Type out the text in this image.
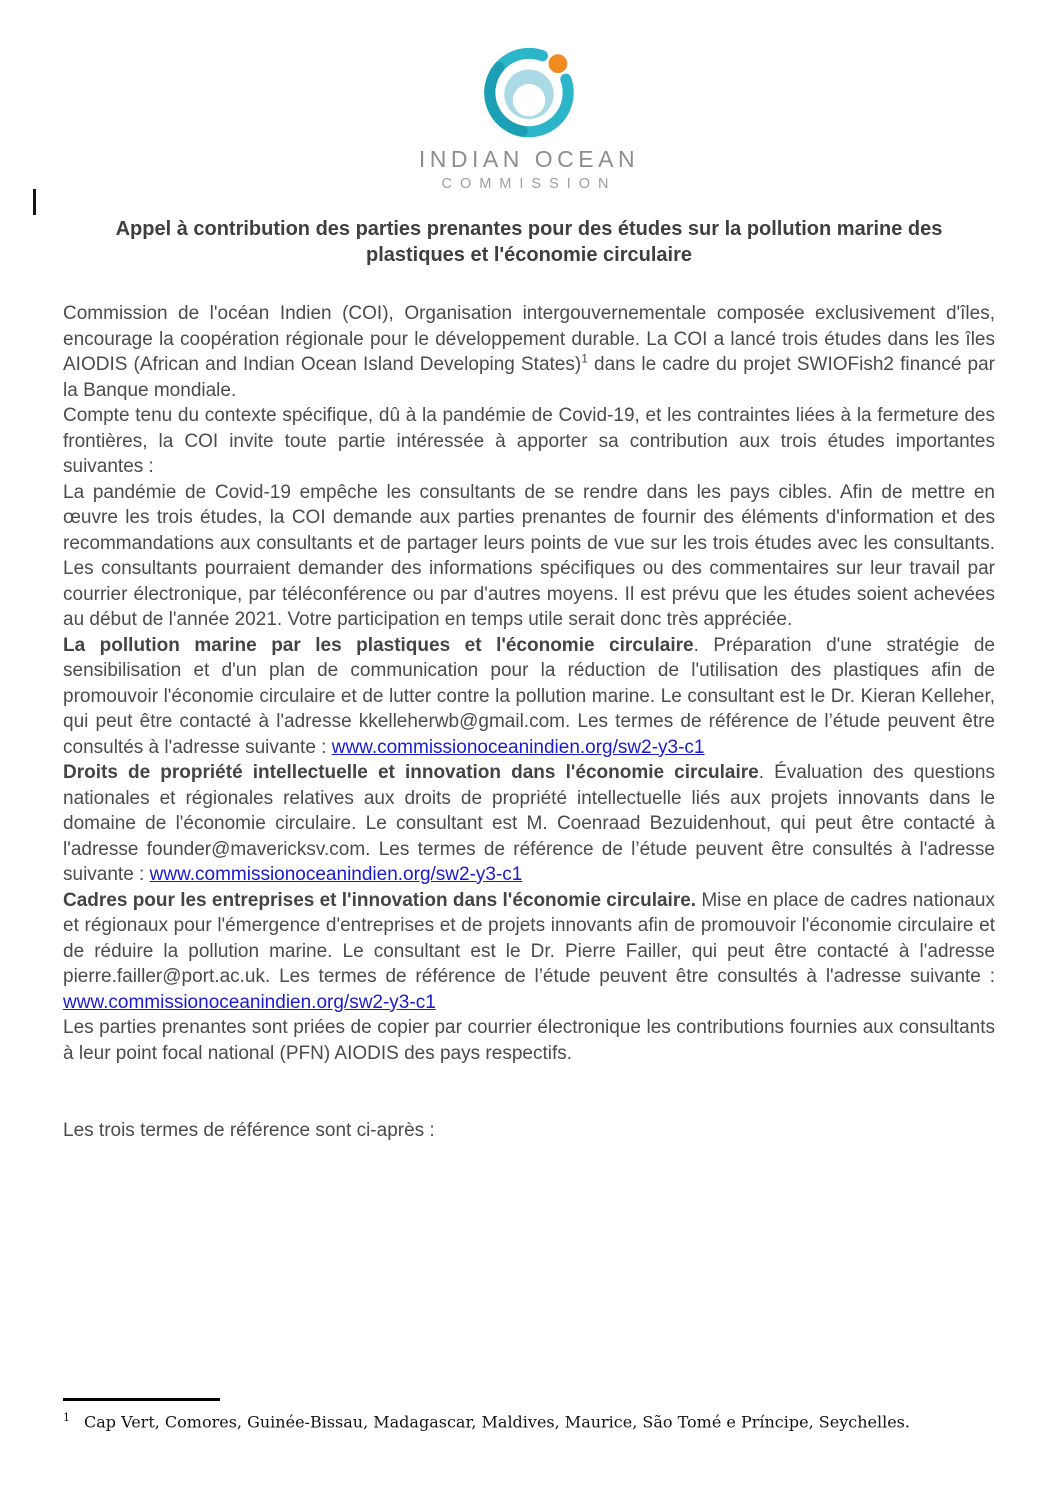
INDIAN OCEAN
COMMISSION
Appel à contribution des parties prenantes pour des études sur la pollution marine des plastiques et l'économie circulaire

Commission de l'océan Indien (COI), Organisation intergouvernementale composée exclusivement d'îles, encourage la coopération régionale pour le développement durable. La COI a lancé trois études dans les îles AIODIS (African and Indian Ocean Island Developing States)$^1$ dans le cadre du projet SWIOFish2 financé par la Banque mondiale.

Compte tenu du contexte spécifique, dû à la pandémie de Covid-19, et les contraintes liées à la fermeture des frontières, la COI invite toute partie intéressée à apporter sa contribution aux trois études importantes suivantes :

La pandémie de Covid-19 empêche les consultants de se rendre dans les pays cibles. Afin de mettre en œuvre les trois études, la COI demande aux parties prenantes de fournir des éléments d'information et des recommandations aux consultants et de partager leurs points de vue sur les trois études avec les consultants. Les consultants pourraient demander des informations spécifiques ou des commentaires sur leur travail par courrier électronique, par téléconférence ou par d'autres moyens. Il est prévu que les études soient achevées au début de l'année 2021. Votre participation en temps utile serait donc très appréciée.

La pollution marine par les plastiques et l'économie circulaire. Préparation d'une stratégie de sensibilisation et d'un plan de communication pour la réduction de l'utilisation des plastiques afin de promouvoir l'économie circulaire et de lutter contre la pollution marine. Le consultant est le Dr. Kieran Kelleher, qui peut être contacté à l'adresse kkelleherwb@gmail.com. Les termes de référence de l’étude peuvent être consultés à l'adresse suivante : www.commissionoceanindien.org/sw2-y3-c1

Droits de propriété intellectuelle et innovation dans l'économie circulaire. Évaluation des questions nationales et régionales relatives aux droits de propriété intellectuelle liés aux projets innovants dans le domaine de l'économie circulaire. Le consultant est M. Coenraad Bezuidenhout, qui peut être contacté à l'adresse founder@mavericksv.com. Les termes de référence de l’étude peuvent être consultés à l'adresse suivante : www.commissionoceanindien.org/sw2-y3-c1

Cadres pour les entreprises et l'innovation dans l'économie circulaire. Mise en place de cadres nationaux et régionaux pour l'émergence d'entreprises et de projets innovants afin de promouvoir l'économie circulaire et de réduire la pollution marine. Le consultant est le Dr. Pierre Failler, qui peut être contacté à l'adresse pierre.failler@port.ac.uk. Les termes de référence de l’étude peuvent être consultés à l'adresse suivante : www.commissionoceanindien.org/sw2-y3-c1

Les parties prenantes sont priées de copier par courrier électronique les contributions fournies aux consultants à leur point focal national (PFN) AIODIS des pays respectifs.

Les trois termes de référence sont ci-après :

$^1$ Cap Vert, Comores, Guinée-Bissau, Madagascar, Maldives, Maurice, São Tomé e Príncipe, Seychelles.
